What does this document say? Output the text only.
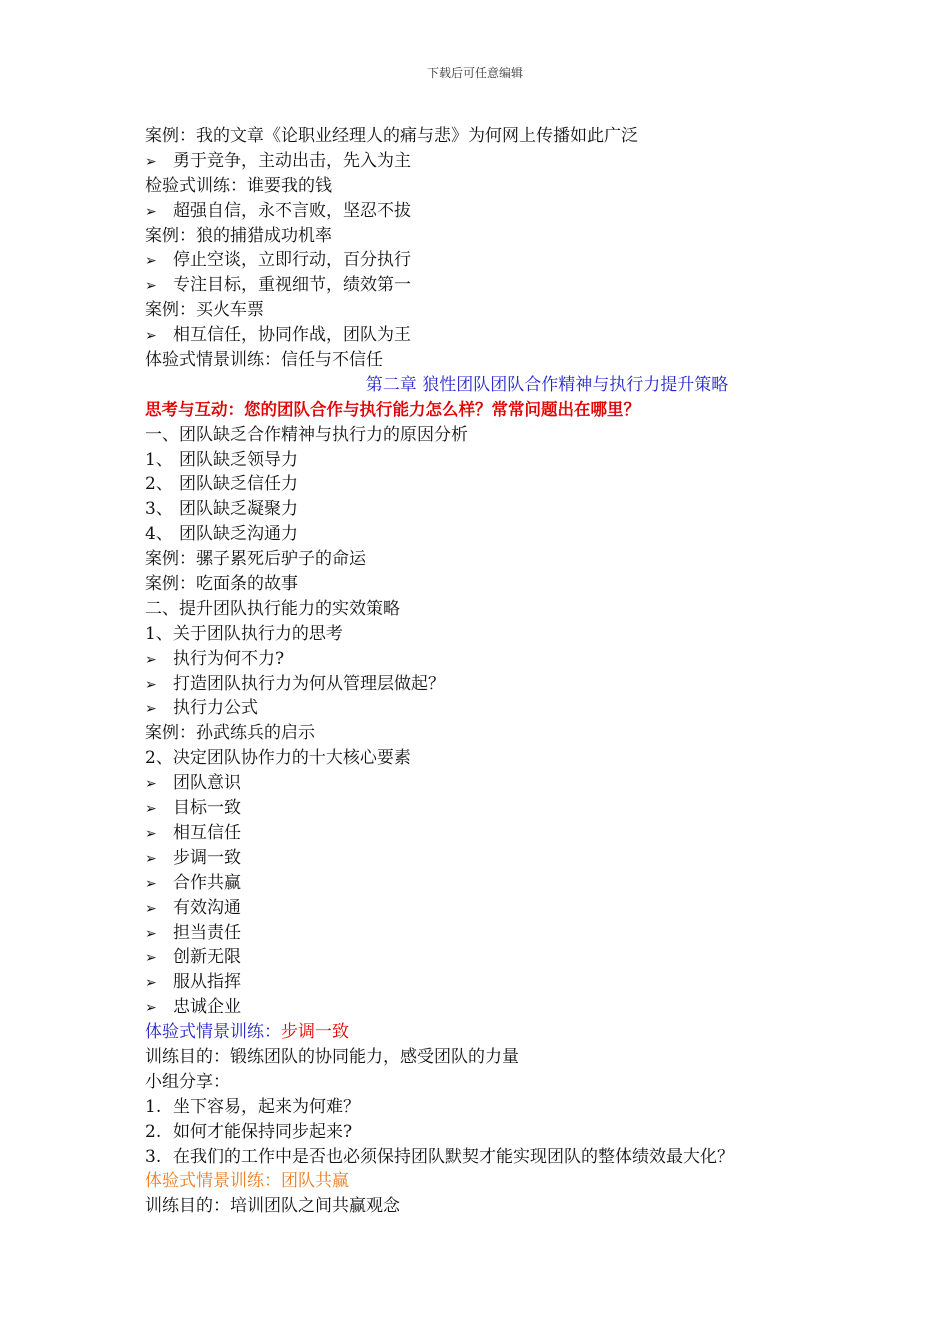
下载后可任意编辑
案例：我的文章《论职业经理人的痛与悲》为何网上传播如此广泛
➢ 勇于竞争，主动出击，先入为主
检验式训练：谁要我的钱
➢ 超强自信，永不言败，坚忍不拔
案例：狼的捕猎成功机率
➢ 停止空谈，立即行动，百分执行
➢ 专注目标，重视细节，绩效第一
案例：买火车票
➢ 相互信任，协同作战，团队为王
体验式情景训练：信任与不信任
第二章 狼性团队团队合作精神与执行力提升策略
思考与互动：您的团队合作与执行能力怎么样？常常问题出在哪里？
一、团队缺乏合作精神与执行力的原因分析
1、 团队缺乏领导力
2、 团队缺乏信任力
3、 团队缺乏凝聚力
4、 团队缺乏沟通力
案例：骡子累死后驴子的命运
案例：吃面条的故事
二、提升团队执行能力的实效策略
1、关于团队执行力的思考
➢ 执行为何不力?
➢ 打造团队执行力为何从管理层做起？
➢ 执行力公式
案例：孙武练兵的启示
2、决定团队协作力的十大核心要素
➢ 团队意识
➢ 目标一致
➢ 相互信任
➢ 步调一致
➢ 合作共赢
➢ 有效沟通
➢ 担当责任
➢ 创新无限
➢ 服从指挥
➢ 忠诚企业
体验式情景训练：步调一致
训练目的：锻练团队的协同能力，感受团队的力量
小组分享：
1. 坐下容易，起来为何难？
2. 如何才能保持同步起来?
3. 在我们的工作中是否也必须保持团队默契才能实现团队的整体绩效最大化？
体验式情景训练：团队共赢
训练目的：培训团队之间共赢观念
